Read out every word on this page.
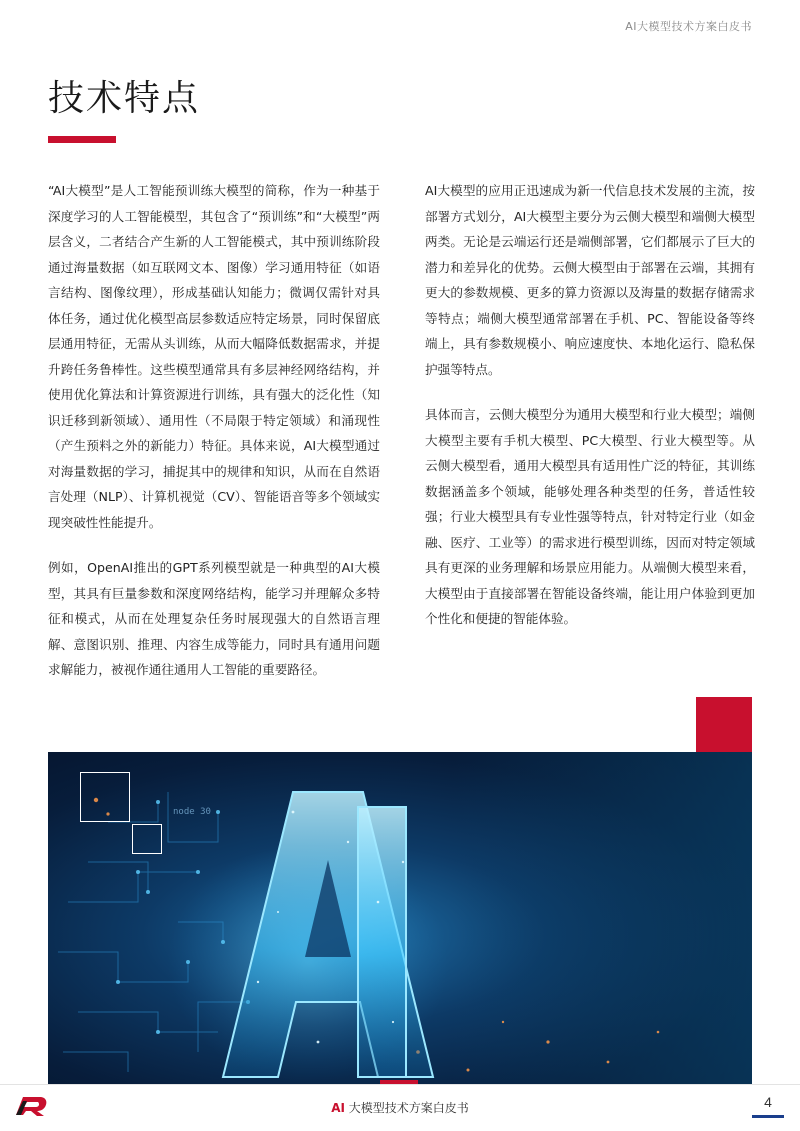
AI大模型技术方案白皮书
技术特点

“AI大模型”是人工智能预训练大模型的简称，作为一种基于深度学习的人工智能模型，其包含了“预训练”和“大模型”两层含义，二者结合产生新的人工智能模式，其中预训练阶段通过海量数据（如互联网文本、图像）学习通用特征（如语言结构、图像纹理），形成基础认知能力；微调仅需针对具体任务，通过优化模型高层参数适应特定场景，同时保留底层通用特征，无需从头训练，从而大幅降低数据需求，并提升跨任务鲁棒性。这些模型通常具有多层神经网络结构，并使用优化算法和计算资源进行训练，具有强大的泛化性（知识迁移到新领域）、通用性（不局限于特定领域）和涌现性（产生预料之外的新能力）特征。具体来说，AI大模型通过对海量数据的学习，捕捉其中的规律和知识，从而在自然语言处理（NLP）、计算机视觉（CV）、智能语音等多个领域实现突破性性能提升。

例如，OpenAI推出的GPT系列模型就是一种典型的AI大模型，其具有巨量参数和深度网络结构，能学习并理解众多特征和模式，从而在处理复杂任务时展现强大的自然语言理解、意图识别、推理、内容生成等能力，同时具有通用问题求解能力，被视作通往通用人工智能的重要路径。

AI大模型的应用正迅速成为新一代信息技术发展的主流，按部署方式划分，AI大模型主要分为云侧大模型和端侧大模型两类。无论是云端运行还是端侧部署，它们都展示了巨大的潜力和差异化的优势。云侧大模型由于部署在云端，其拥有更大的参数规模、更多的算力资源以及海量的数据存储需求等特点；端侧大模型通常部署在手机、PC、智能设备等终端上，具有参数规模小、响应速度快、本地化运行、隐私保护强等特点。

具体而言，云侧大模型分为通用大模型和行业大模型；端侧大模型主要有手机大模型、PC大模型、行业大模型等。从云侧大模型看，通用大模型具有适用性广泛的特征，其训练数据涵盖多个领域，能够处理各种类型的任务，普适性较强；行业大模型具有专业性强等特点，针对特定行业（如金融、医疗、工业等）的需求进行模型训练，因而对特定领域具有更深的业务理解和场景应用能力。从端侧大模型来看，大模型由于直接部署在智能设备终端，能让用户体验到更加个性化和便捷的智能体验。

node 30
AI 大模型技术方案白皮书	4
